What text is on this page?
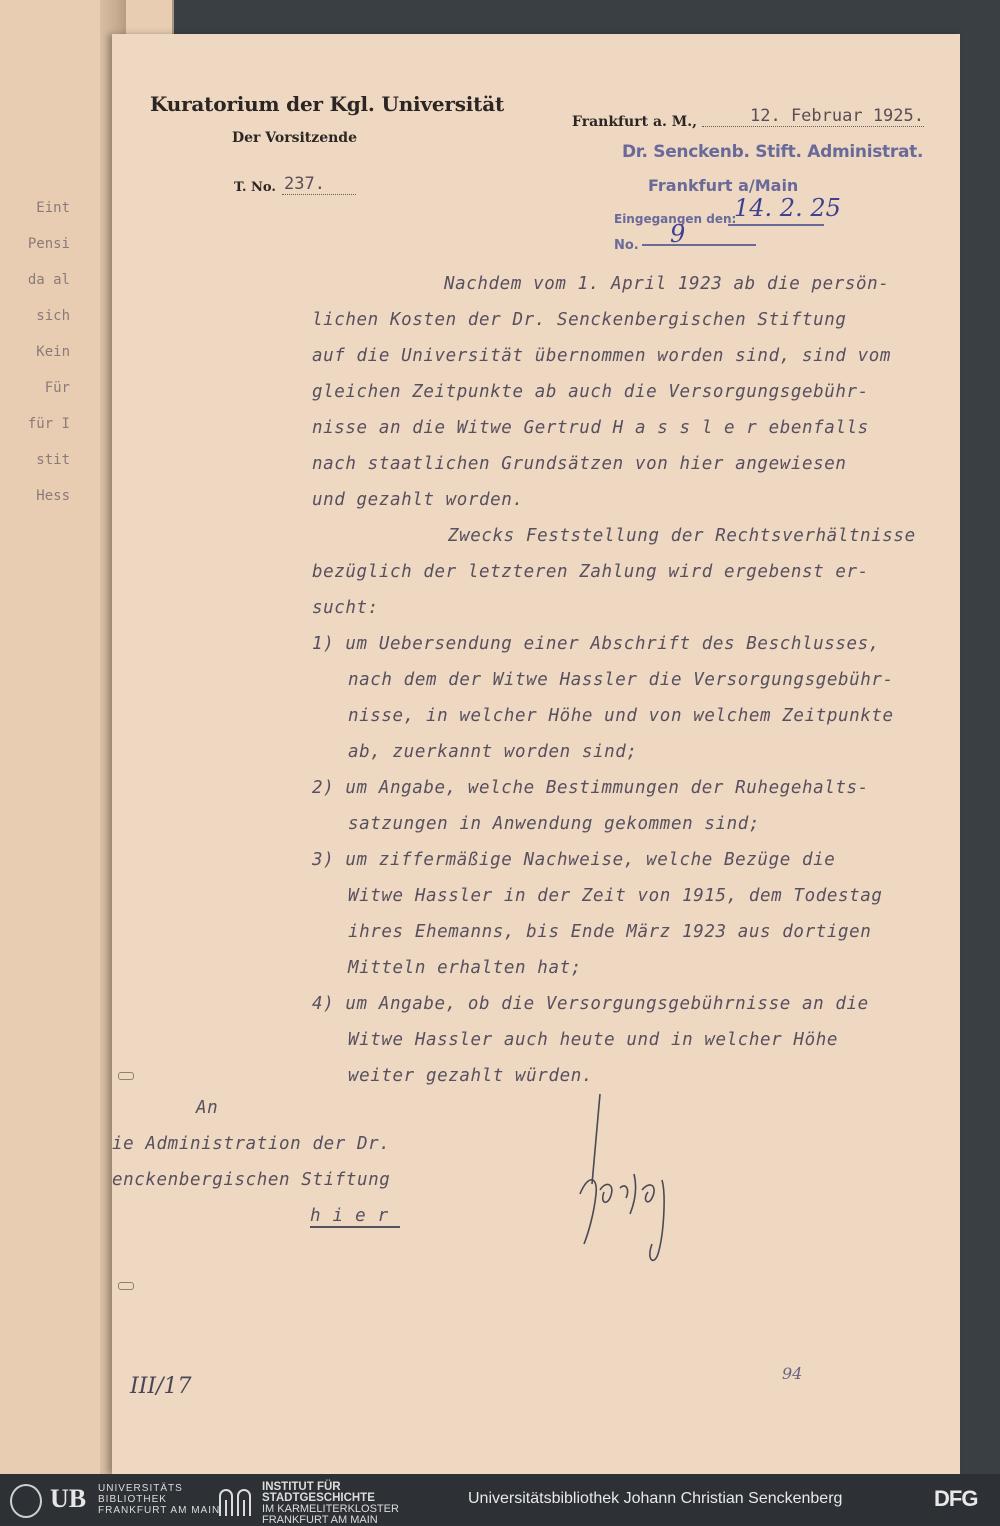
Eint
Pensi
da al
sich
Kein
Für
für I
stit
Hess
Kuratorium der Kgl. Universität
Der Vorsitzende
T. No. 237.
Frankfurt a. M.,	12. Februar 1925.
Dr. Senckenb. Stift. Administrat.
Frankfurt a/Main
Eingegangen den:
No.
14. 2. 25
9
Nachdem vom 1. April 1923 ab die persön-
lichen Kosten der Dr. Senckenbergischen Stiftung
auf die Universität übernommen worden sind, sind vom
gleichen Zeitpunkte ab auch die Versorgungsgebühr-
nisse an die Witwe Gertrud H a s s l e r ebenfalls
nach staatlichen Grundsätzen von hier angewiesen
und gezahlt worden.
Zwecks Feststellung der Rechtsverhältnisse
bezüglich der letzteren Zahlung wird ergebenst er-
sucht:
1) um Uebersendung einer Abschrift des Beschlusses,
nach dem der Witwe Hassler die Versorgungsgebühr-
nisse, in welcher Höhe und von welchem Zeitpunkte
ab, zuerkannt worden sind;
2) um Angabe, welche Bestimmungen der Ruhegehalts-
satzungen in Anwendung gekommen sind;
3) um ziffermäßige Nachweise, welche Bezüge die
Witwe Hassler in der Zeit von 1915, dem Todestag
ihres Ehemanns, bis Ende März 1923 aus dortigen
Mitteln erhalten hat;
4) um Angabe, ob die Versorgungsgebührnisse an die
Witwe Hassler auch heute und in welcher Höhe
weiter gezahlt würden.
An
ie Administration der Dr.
enckenbergischen Stiftung
hier
III/17
94
UB UNIVERSITÄTS
BIBLIOTHEK
FRANKFURT AM MAIN
INSTITUT FÜR
STADTGESCHICHTE
IM KARMELITERKLOSTER
FRANKFURT AM MAIN
Universitätsbibliothek Johann Christian Senckenberg	DFG
